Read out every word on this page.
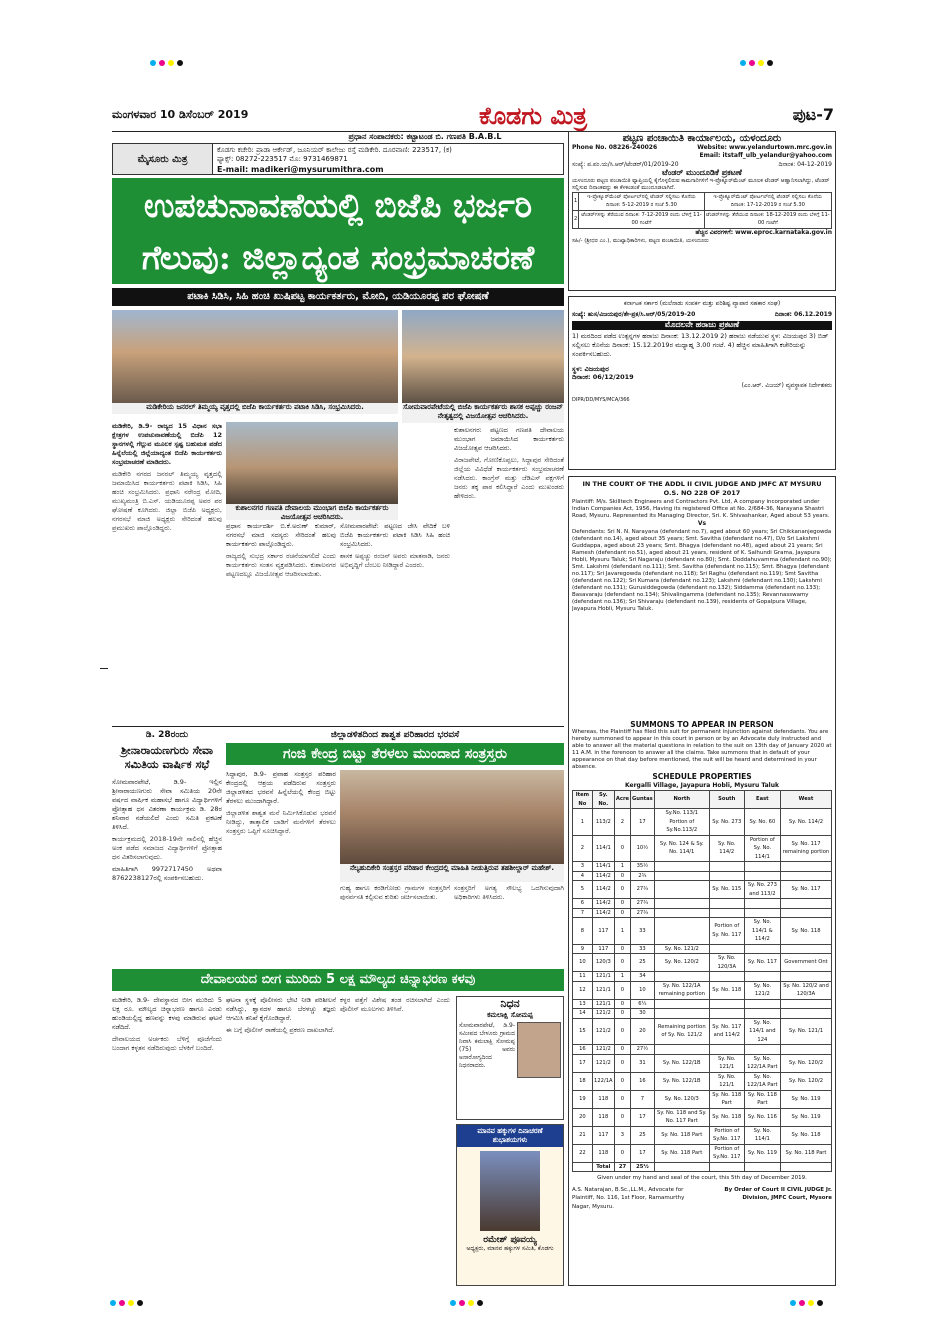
ಮಂಗಳವಾರ 10 ಡಿಸೆಂಬರ್ 2019	ಕೊಡಗು ಮಿತ್ರ	ಪುಟ-7
ಪ್ರಧಾನ ಸಂಪಾದಕರು: ಕಟ್ಟಾಟಂಡ ಬಿ. ಗಣಪತಿ B.A.B.L
ಮೈಸೂರು ಮಿತ್ರ
ಕೊಡಗು ಕಚೇರಿ: ಪ್ರಾಡಾ ಆರ್ಕೇಡ್, ಜೂನಿಯರ್ ಕಾಲೇಜು ರಸ್ತೆ ಮಡಿಕೇರಿ. ದೂರವಾಣಿ: 223517, (ಕ)
ಫ್ಯಾಕ್ಸ್: 08272-223517 ಮೊ: 9731469871
E-mail: madikeri@mysurumithra.com
ಉಪಚುನಾವಣೆಯಲ್ಲಿ ಬಿಜೆಪಿ ಭರ್ಜರಿ
ಗೆಲುವು: ಜಿಲ್ಲಾದ್ಯಂತ ಸಂಭ್ರಮಾಚರಣೆ
ಪಟಾಕಿ ಸಿಡಿಸಿ, ಸಿಹಿ ಹಂಚಿ ಖುಷಿಪಟ್ಟ ಕಾರ್ಯಕರ್ತರು, ಮೋದಿ, ಯಡಿಯೂರಪ್ಪ ಪರ ಘೋಷಣೆ
ಮಡಿಕೇರಿಯ ಜನರಲ್ ತಿಮ್ಮಯ್ಯ ವೃತ್ತದಲ್ಲಿ ಬಿಜೆಪಿ ಕಾರ್ಯಕರ್ತರು ಪಟಾಕಿ ಸಿಡಿಸಿ, ಸಂಭ್ರಮಿಸಿದರು.	ಸೋಮವಾರಪೇಟೆಯಲ್ಲಿ ಬಿಜೆಪಿ ಕಾರ್ಯಕರ್ತರು ಶಾಸಕ ಅಪ್ಪಚ್ಚು ರಂಜನ್ ನೇತೃತ್ವದಲ್ಲಿ ವಿಜಯೋತ್ಸವ ಆಚರಿಸಿದರು.
ಕುಶಾಲನಗರ ಗಣಪತಿ ದೇವಾಲಯ ಮುಂಭಾಗ ಬಿಜೆಪಿ ಕಾರ್ಯಕರ್ತರು ವಿಜಯೋತ್ಸವ ಆಚರಿಸಿದರು.

ಮಡಿಕೇರಿ, ಡಿ.9- ರಾಜ್ಯದ 15 ವಿಧಾನ ಸಭಾ ಕ್ಷೇತ್ರಗಳ ಉಪಚುನಾವಣೆಯಲ್ಲಿ ಬಿಜೆಪಿ 12 ಸ್ಥಾನಗಳಲ್ಲಿ ಗೆಲ್ಲುವ ಮೂಲಕ ಸ್ಪಷ್ಟ ಬಹುಮತ ಪಡೆದ ಹಿನ್ನೆಲೆಯಲ್ಲಿ ಜಿಲ್ಲೆಯಾದ್ಯಂತ ಬಿಜೆಪಿ ಕಾರ್ಯಕರ್ತರು ಸಂಭ್ರಮಾಚರಣೆ ಮಾಡಿದರು.

ಮಡಿಕೇರಿ ನಗರದ ಜನರಲ್ ತಿಮ್ಮಯ್ಯ ವೃತ್ತದಲ್ಲಿ ಜಮಾಯಿಸಿದ ಕಾರ್ಯಕರ್ತರು ಪಟಾಕಿ ಸಿಡಿಸಿ, ಸಿಹಿ ಹಂಚಿ ಸಂಭ್ರಮಿಸಿದರು. ಪ್ರಧಾನಿ ನರೇಂದ್ರ ಮೋದಿ, ಮುಖ್ಯಮಂತ್ರಿ ಬಿ.ಎಸ್. ಯಡಿಯೂರಪ್ಪ ಅವರ ಪರ ಘೋಷಣೆ ಕೂಗಿದರು. ಜಿಲ್ಲಾ ಬಿಜೆಪಿ ಅಧ್ಯಕ್ಷರು, ನಗರಸಭೆ ಮಾಜಿ ಅಧ್ಯಕ್ಷರು ಸೇರಿದಂತೆ ಹಲವು ಪ್ರಮುಖರು ಪಾಲ್ಗೊಂಡಿದ್ದರು.	ಪ್ರಧಾನ ಕಾರ್ಯದರ್ಶಿ ಬಿ.ಕೆ.ಅರುಣ್ ಕುಮಾರ್, ನಗರಸಭೆ ಮಾಜಿ ಸದಸ್ಯರು ಸೇರಿದಂತೆ ಹಲವು ಕಾರ್ಯಕರ್ತರು ಪಾಲ್ಗೊಂಡಿದ್ದರು.

ರಾಜ್ಯದಲ್ಲಿ ಸುಭದ್ರ ಸರ್ಕಾರ ರಚನೆಯಾಗಲಿದೆ ಎಂದು ಕಾರ್ಯಕರ್ತರು ಸಂತಸ ವ್ಯಕ್ತಪಡಿಸಿದರು. ಕುಶಾಲನಗರ ಪಟ್ಟಣದಲ್ಲೂ ವಿಜಯೋತ್ಸವ ಆಚರಿಸಲಾಯಿತು.

ಸೋಮವಾರಪೇಟೆ: ಪಟ್ಟಣದ ಜೇಸಿ ವೇದಿಕೆ ಬಳಿ ಬಿಜೆಪಿ ಕಾರ್ಯಕರ್ತರು ಪಟಾಕಿ ಸಿಡಿಸಿ ಸಿಹಿ ಹಂಚಿ ಸಂಭ್ರಮಿಸಿದರು.

ಶಾಸಕ ಅಪ್ಪಚ್ಚು ರಂಜನ್ ಅವರು ಮಾತನಾಡಿ, ಜನರು ಅಭಿವೃದ್ಧಿಗೆ ಬೆಂಬಲ ನೀಡಿದ್ದಾರೆ ಎಂದರು.

ಕುಶಾಲನಗರ: ಪಟ್ಟಣದ ಗಣಪತಿ ದೇವಾಲಯ ಮುಂಭಾಗ ಜಮಾಯಿಸಿದ ಕಾರ್ಯಕರ್ತರು ವಿಜಯೋತ್ಸವ ಆಚರಿಸಿದರು.

ವಿರಾಜಪೇಟೆ, ಗೋಣಿಕೊಪ್ಪಲು, ಸಿದ್ದಾಪುರ ಸೇರಿದಂತೆ ಜಿಲ್ಲೆಯ ವಿವಿಧೆಡೆ ಕಾರ್ಯಕರ್ತರು ಸಂಭ್ರಮಾಚರಣೆ ನಡೆಸಿದರು. ಕಾಂಗ್ರೆಸ್ ಮತ್ತು ಜೆಡಿಎಸ್ ಪಕ್ಷಗಳಿಗೆ ಜನರು ತಕ್ಕ ಪಾಠ ಕಲಿಸಿದ್ದಾರೆ ಎಂದು ಮುಖಂಡರು ಹೇಳಿದರು.

ಡಿ. 28ರಂದು
ಶ್ರೀನಾರಾಯಣಗುರು ಸೇವಾ ಸಮಿತಿಯ ವಾರ್ಷಿಕ ಸಭೆ

ಸೋಮವಾರಪೇಟೆ, ಡಿ.9- ಇಲ್ಲಿನ ಶ್ರೀನಾರಾಯಣಗುರು ಸೇವಾ ಸಮಿತಿಯ 20ನೇ ವರ್ಷದ ವಾರ್ಷಿಕ ಮಹಾಸಭೆ ಹಾಗೂ ವಿದ್ಯಾರ್ಥಿಗಳಿಗೆ ಪ್ರೋತ್ಸಾಹ ಧನ ವಿತರಣಾ ಕಾರ್ಯಕ್ರಮ ಡಿ. 28ರ ಶನಿವಾರ ನಡೆಯಲಿದೆ ಎಂದು ಸಮಿತಿ ಪ್ರಕಟಣೆ ತಿಳಿಸಿದೆ.

ಕಾರ್ಯಕ್ರಮದಲ್ಲಿ 2018-19ನೇ ಸಾಲಿನಲ್ಲಿ ಹೆಚ್ಚಿನ ಅಂಕ ಪಡೆದ ಸಮಾಜದ ವಿದ್ಯಾರ್ಥಿಗಳಿಗೆ ಪ್ರೋತ್ಸಾಹ ಧನ ವಿತರಿಸಲಾಗುವುದು.

ಮಾಹಿತಿಗಾಗಿ 9972717450 ಅಥವಾ 8762238127ರಲ್ಲಿ ಸಂಪರ್ಕಿಸಬಹುದು.

ಜಿಲ್ಲಾಡಳಿತದಿಂದ ಶಾಶ್ವತ ಪರಿಹಾರದ ಭರವಸೆ
ಗಂಜಿ ಕೇಂದ್ರ ಬಿಟ್ಟು ತೆರಳಲು ಮುಂದಾದ ಸಂತ್ರಸ್ತರು

ಸಿದ್ದಾಪುರ, ಡಿ.9- ಪ್ರವಾಹ ಸಂತ್ರಸ್ತರ ಪರಿಹಾರ ಕೇಂದ್ರದಲ್ಲಿ ಆಶ್ರಯ ಪಡೆದಿರುವ ಸಂತ್ರಸ್ತರು ಜಿಲ್ಲಾಡಳಿತದ ಭರವಸೆ ಹಿನ್ನೆಲೆಯಲ್ಲಿ ಕೇಂದ್ರ ಬಿಟ್ಟು ತೆರಳಲು ಮುಂದಾಗಿದ್ದಾರೆ.

ಜಿಲ್ಲಾಡಳಿತ ಶಾಶ್ವತ ಮನೆ ನಿರ್ಮಿಸಿಕೊಡುವ ಭರವಸೆ ನೀಡಿದ್ದು, ತಾತ್ಕಾಲಿಕ ಬಾಡಿಗೆ ಮನೆಗಳಿಗೆ ತೆರಳಲು ಸಂತ್ರಸ್ತರು ಒಪ್ಪಿಗೆ ಸೂಚಿಸಿದ್ದಾರೆ.

ನೆಲ್ಯಹುದಿಕೇರಿ ಸಂತ್ರಸ್ತರ ಪರಿಹಾರ ಕೇಂದ್ರದಲ್ಲಿ ಮಾಹಿತಿ ನೀಡುತ್ತಿರುವ ತಹಶೀಲ್ದಾರ್ ಮಹೇಶ್.

ಗುಹ್ಯ ಹಾಗೂ ಕರಡಿಗೋಡು ಗ್ರಾಮಗಳ ಸಂತ್ರಸ್ತರಿಗೆ ಪುನರ್ವಸತಿ ಕಲ್ಪಿಸುವ ಕುರಿತು ಚರ್ಚಿಸಲಾಯಿತು.

ಸಂತ್ರಸ್ತರಿಗೆ ಅಗತ್ಯ ಸೌಲಭ್ಯ ಒದಗಿಸುವುದಾಗಿ ಅಧಿಕಾರಿಗಳು ತಿಳಿಸಿದರು.

ದೇವಾಲಯದ ಬೀಗ ಮುರಿದು 5 ಲಕ್ಷ ಮೌಲ್ಯದ ಚಿನ್ನಾಭರಣ ಕಳವು

ಮಡಿಕೇರಿ, ಡಿ.9- ದೇವಸ್ಥಾನದ ಬೀಗ ಮುರಿದು 5 ಲಕ್ಷ ರೂ. ಮೌಲ್ಯದ ಚಿನ್ನಾಭರಣ ಹಾಗೂ ಎರಡು ಹುಂಡಿಯಲ್ಲಿದ್ದ ಹಣವನ್ನು ಕಳವು ಮಾಡಿರುವ ಘಟನೆ ನಡೆದಿದೆ.

ದೇವಾಲಯದ ಅರ್ಚಕರು ಬೆಳಿಗ್ಗೆ ಪೂಜೆಗೆಂದು ಬಂದಾಗ ಕಳ್ಳತನ ನಡೆದಿರುವುದು ಬೆಳಕಿಗೆ ಬಂದಿದೆ.

ಘಟನಾ ಸ್ಥಳಕ್ಕೆ ಪೊಲೀಸರು ಭೇಟಿ ನೀಡಿ ಪರಿಶೀಲನೆ ನಡೆಸಿದ್ದು, ಶ್ವಾನದಳ ಹಾಗೂ ಬೆರಳಚ್ಚು ತಜ್ಞರು ಆಗಮಿಸಿ ತನಿಖೆ ಕೈಗೊಂಡಿದ್ದಾರೆ.

ಈ ಬಗ್ಗೆ ಪೊಲೀಸ್ ಠಾಣೆಯಲ್ಲಿ ಪ್ರಕರಣ ದಾಖಲಾಗಿದೆ.

ಕಳ್ಳರ ಪತ್ತೆಗೆ ವಿಶೇಷ ತಂಡ ರಚಿಸಲಾಗಿದೆ ಎಂದು ಪೊಲೀಸ್ ಮೂಲಗಳು ತಿಳಿಸಿವೆ.	ನಿಧನ
ಕಮಲಾಕ್ಷಿ ಸೋಮಪ್ಪ
ಸೋಮವಾರಪೇಟೆ, ಡಿ.9- ಸಮೀಪದ ಬೇಳೂರು ಗ್ರಾಮದ ನಿವಾಸಿ ಕಮಲಾಕ್ಷಿ ಸೋಮಪ್ಪ (75) ಅವರು ಅನಾರೋಗ್ಯದಿಂದ ನಿಧನರಾದರು.
ಮಾನವ ಹಕ್ಕುಗಳ ದಿನಾಚರಣೆ ಶುಭಾಶಯಗಳು
ರಮೇಶ್ ಪೂವಯ್ಯ
ಅಧ್ಯಕ್ಷರು, ಮಾನವ ಹಕ್ಕುಗಳ ಸಮಿತಿ, ಕೊಡಗು
ಪಟ್ಟಣ ಪಂಚಾಯಿತಿ ಕಾರ್ಯಾಲಯ, ಯಳಂದೂರು
Phone No. 08226-240026	Website: www.yelandurtown.mrc.gov.in
Email: itstaff_ulb_yelandur@yahoo.com
ಸಂಖ್ಯೆ: ಪ.ಪಂ.ಯ/ಸಿ.ಆರ್/ಟೆಂಡರ್/01/2019-20	ದಿನಾಂಕ: 04-12-2019
ಟೆಂಡರ್ ಮುಂದೂಡಿಕೆ ಪ್ರಕಟಣೆ
ಯಳಂದೂರು ಪಟ್ಟಣ ಪಂಚಾಯಿತಿ ವ್ಯಾಪ್ತಿಯಲ್ಲಿ ಕೈಗೊಳ್ಳಲಿರುವ ಕಾಮಗಾರಿಗಳಿಗೆ ಇ-ಪ್ರೊಕ್ಯೂರ್‌ಮೆಂಟ್ ಮೂಲಕ ಟೆಂಡರ್ ಆಹ್ವಾನಿಸಲಾಗಿದ್ದು, ಟೆಂಡರ್ ಸಲ್ಲಿಸುವ ದಿನಾಂಕವನ್ನು ಈ ಕೆಳಕಂಡಂತೆ ಮುಂದೂಡಲಾಗಿದೆ.
1	ಇ-ಪ್ರೊಕ್ಯೂರ್‌ಮೆಂಟ್ ಪೋರ್ಟಲ್‌ನಲ್ಲಿ ಟೆಂಡರ್ ಸಲ್ಲಿಸಲು ಕೊನೆಯ ದಿನಾಂಕ: 5-12-2019 ರ ಸಂಜೆ 5.30	ಇ-ಪ್ರೊಕ್ಯೂರ್‌ಮೆಂಟ್ ಪೋರ್ಟಲ್‌ನಲ್ಲಿ ಟೆಂಡರ್ ಸಲ್ಲಿಸಲು ಕೊನೆಯ ದಿನಾಂಕ: 17-12-2019 ರ ಸಂಜೆ 5.30
2	ಟೆಂಡರ್‌ಗಳನ್ನು ತೆರೆಯುವ ದಿನಾಂಕ: 7-12-2019 ರಂದು ಬೆಳಿಗ್ಗೆ 11-00 ಗಂಟೆಗೆ	ಟೆಂಡರ್‌ಗಳನ್ನು ತೆರೆಯುವ ದಿನಾಂಕ: 18-12-2019 ರಂದು ಬೆಳಿಗ್ಗೆ 11-00 ಗಂಟೆಗೆ
ಹೆಚ್ಚಿನ ವಿವರಗಳಿಗೆ: www.eproc.karnataka.gov.in
ಸಹಿ/- (ಶ್ರೀಧರ ಎಂ.), ಮುಖ್ಯಾಧಿಕಾರಿಗಳು, ಪಟ್ಟಣ ಪಂಚಾಯಿತಿ, ಯಳಂದೂರು
ಕರ್ನಾಟಕ ಸರ್ಕಾರ (ಮಲೆನಾಡು ಸಂಪರ್ಕ ಮತ್ತು ಪರಿಶಿಷ್ಟ ವ್ಯಾಪಾರ ಸಹಕಾರ ಸಂಘ)
ಸಂಖ್ಯೆ: ಹುಸ/ವಿಜಯಪುರ/ತೇ-ಪ್ರಕ/ಸಿ.ಆರ್/05/2019-20	ದಿನಾಂಕ: 06.12.2019
ಮೊದಲನೇ ಹರಾಜು ಪ್ರಕಟಣೆ
1) ಮರದಿಂದ ಪಡೆದ ಉತ್ಪನ್ನಗಳ ಹರಾಜು ದಿನಾಂಕ: 13.12.2019 2) ಹರಾಜು ನಡೆಯುವ ಸ್ಥಳ: ವಿಜಯಪುರ 3) ಬಿಡ್ ಸಲ್ಲಿಸಲು ಕೊನೆಯ ದಿನಾಂಕ: 15.12.2019ರ ಮಧ್ಯಾಹ್ನ 3.00 ಗಂಟೆ. 4) ಹೆಚ್ಚಿನ ಮಾಹಿತಿಗಾಗಿ ಕಚೇರಿಯನ್ನು ಸಂಪರ್ಕಿಸಬಹುದು.
ಸ್ಥಳ: ವಿಜಯಪುರ
ದಿನಾಂಕ: 06/12/2019
(ಎಂ.ಆರ್. ವಿಜಯ್) ವ್ಯವಸ್ಥಾಪಕ ನಿರ್ದೇಶಕರು
DIPR/DD/MYS/MCA/366
IN THE COURT OF THE ADDL II CIVIL JUDGE AND JMFC AT MYSURU
O.S. NO 228 OF 2017
Plaintiff: M/s. Skilltech Engineers and Contractors Pvt. Ltd, A company incorporated under Indian Companies Act, 1956, Having its registered Office at No. 2/684-36, Narayana Shastri Road, Mysuru. Represented its Managing Director, Sri. K. Shivashankar, Aged about 53 years.
Vs
Defendants: Sri N. N. Narayana (defendant no.7), aged about 60 years; Sri Chikkananjegowda (defendant no.14), aged about 35 years; Smt. Savitha (defendant no.47), D/o Sri Lakshmi Guddappa, aged about 23 years; Smt. Bhagya (defendant no.48), aged about 21 years; Sri Ramesh (defendant no.51), aged about 21 years, resident of K. Salhundi Grama, Jayapura Hobli, Mysuru Taluk; Sri Nagaraju (defendant no.80); Smt. Doddahuvamma (defendant no.90); Smt. Lakshmi (defendant no.111); Smt. Savitha (defendant no.115); Smt. Bhagya (defendant no.117); Sri Javaregowda (defendant no.118); Sri Raghu (defendant no.119); Smt Savitha (defendant no.122); Sri Kumara (defendant no.123); Lakshmi (defendant no.130); Lakshmi (defendant no.131); Gurusiddegowda (defendant no.132); Siddamma (defendant no.133); Basavaraju (defendant no.134); Shivalingamma (defendant no.135); Revannasswamy (defendant no.136); Sri Shivaraju (defendant no.139), residents of Gopalpura Village, Jayapura Hobli, Mysuru Taluk.
SUMMONS TO APPEAR IN PERSON
Whereas, the Plaintiff has filed this suit for permanent injunction against defendants. You are hereby summoned to appear in this court in person or by an Advocate duly instructed and able to answer all the material questions in relation to the suit on 13th day of January 2020 at 11 A.M. in the forenoon to answer all the claims. Take summons that in default of your appearance on that day before mentioned, the suit will be heard and determined in your absence.
SCHEDULE PROPERTIES
Kergalli Village, Jayapura Hobli, Mysuru Taluk
Item No	Sy. No.	Acre	Guntas	North	South	East	West
1	113/2	2	17	Sy.No. 113/1 Portion of Sy.No.113/2	Sy. No. 273	Sy. No. 60	Sy. No. 114/2
2	114/1	0	10½	Sy. No. 124 & Sy. No. 114/1	Sy. No. 114/2	Portion of Sy. No. 114/1	Sy. No. 117 remaining portion
3	114/1	1	35½				
4	114/2	0	2¾				
5	114/2	0	27¾		Sy. No. 115	Sy. No. 273 and 113/2	Sy. No. 117
6	114/2	0	27¾				
7	114/2	0	27¾				
8	117	1	33		Portion of Sy. No. 117	Sy. No. 114/1 & 114/2	Sy. No. 118
9	117	0	33	Sy. No. 121/2			
10	120/3	0	25	Sy. No. 120/2	Sy. No. 120/3A	Sy. No. 117	Government Ont
11	121/1	1	34				
12	121/1	0	10	Sy. No. 122/1A remaining portion	Sy. No. 118	Sy. No. 121/2	Sy. No. 120/2 and 120/3A
13	121/1	0	6¼				
14	121/2	0	30				
15	121/2	0	20	Remaining portion of Sy. No. 121/2	Sy. No. 117 and 114/2	Sy. No. 114/1 and 124	Sy. No. 121/1
16	121/2	0	27½				
17	121/2	0	31	Sy. No. 122/1B	Sy. No. 121/1	Sy. No. 122/1A Part	Sy. No. 120/2
18	122/1A	0	16	Sy. No. 122/1B	Sy. No. 121/1	Sy. No. 122/1A Part	Sy. No. 120/2
19	118	0	7	Sy. No. 120/3	Sy. No. 118 Part	Sy. No. 118 Part	Sy. No. 119
20	118	0	17	Sy. No. 118 and Sy. No. 117 Part	Sy. No. 118	Sy. No. 116	Sy. No. 119
21	117	3	25	Sy. No. 118 Part	Portion of Sy.No. 117	Sy. No. 114/1	Sy. No. 118
22	118	0	17	Sy. No. 118 Part	Portion of Sy.No. 117	Sy. No. 119	Sy. No. 118 Part
	Total	27	25½				
Given under my hand and seal of the court, this 5th day of December 2019.
A.S. Natarajan, B.Sc.,LL.M., Advocate for Plaintiff, No. 116, 1st Floor, Ramamurthy Nagar, Mysuru.
By Order of Court II CIVIL JUDGE Jr. Division, JMFC Court, Mysore
